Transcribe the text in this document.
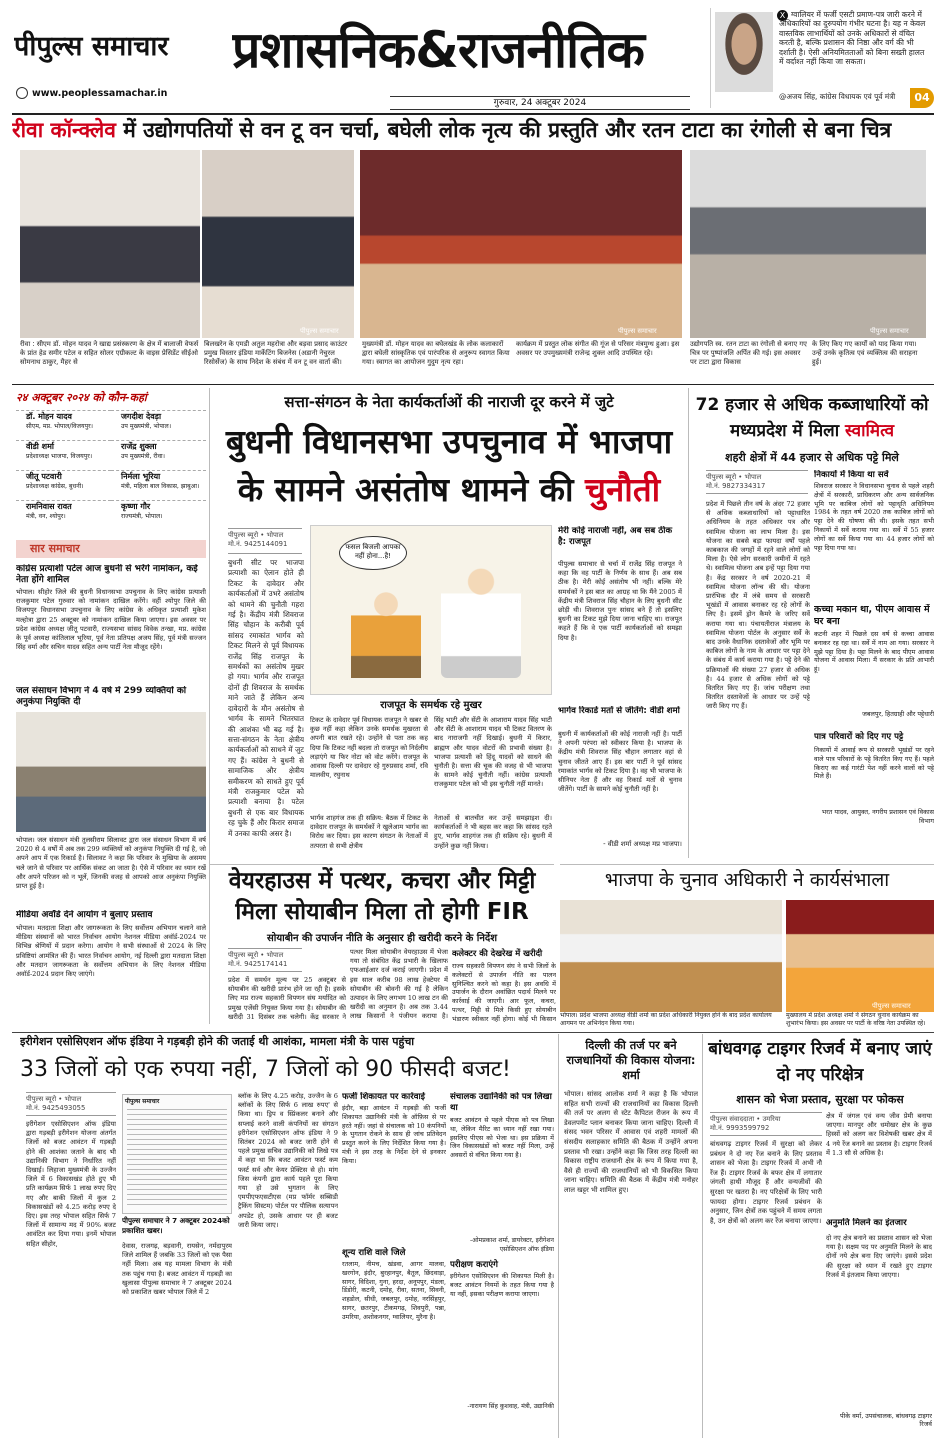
पीपुल्स समाचार	प्रशासनिक&राजनीतिक
www.peoplessamachar.in
गुरुवार, 24 अक्टूबर 2024
X ग्वालियर में फर्जी एसटी प्रमाण-पत्र जारी करने में अधिकारियों का दुरुपयोग गंभीर घटना है। यह न केवल वास्तविक लाभार्थियों को उनके अधिकारों से वंचित करती है, बल्कि प्रशासन की निष्ठा और वर्ग की भी दर्शाती है। ऐसी अनियमितताओं को बिना सख्ती हालत में वर्दाश्त नहीं किया जा सकता।
@अजय सिंह, कांग्रेस विधायक एवं पूर्व मंत्री	04
रीवा कॉन्क्लेव में उद्योगपतियों से वन टू वन चर्चा, बघेली लोक नृत्य की प्रस्तुति और रतन टाटा का रंगोली से बना चित्र
पीपुल्स समाचार	पीपुल्स समाचार	पीपुल्स समाचार
रीवा : सीएम डॉ. मोहन यादव ने खाद्य प्रसंस्करण के क्षेत्र में बालाजी वेफर्स के प्रांत हेड समीर पटेल व सहित सोलर एग्रीकल्ट के वाइस प्रेसिडेंट सीईओ सोमनाथ ठाकुर, मैहर से
बिलखरेन के एमडी अतुल महरोत्रा और बड़वा प्रसाद काउंटर प्रमुख विस्तार इंडिया मार्केटिंग बिजनेस (अडानी नेचुरल रिसोर्सेज) के साथ निदेश के संबंध में वन टू वन वार्ता की।
मुख्यमंत्री डॉ. मोहन यादव का बघेलखंड के लोक कलाकारों द्वारा बघेली सांस्कृतिक एवं पारंपरिक से अनुरूप स्वागत किया गया। स्वागत का आयोजन गुदुम नृत्य रहा।
कार्यक्रम में प्रस्तुत लोक संगीत की गूंज से परिसर मंत्रमुग्ध हुआ। इस अवसर पर उपमुख्यमंत्री राजेन्द्र शुक्ल आदि उपस्थित रहे।
उद्योगपति स्व. रतन टाटा का रंगोली से बनाए गए चित्र पर पुष्पांजलि अर्पित की गई। इस अवसर पर टाटा द्वारा विकास
के लिए किए गए कार्यों को याद किया गया। उन्हें उनके कृतित्व एवं व्यक्तित्व की सराहना हुई।
२४ अक्टूबर २०२४ को कौन-कहां
डॉ. मोहन यादव
सीएम, मप्र. भोपाल/विजयपुर।
जगदीश देवड़ा
उप मुख्यमंत्री, भोपाल।
वीडी शर्मा
प्रदेशाध्यक्ष भाजपा, विजयपुर।
राजेंद्र शुक्ला
उप मुख्यमंत्री, रीवा।
जीतू पटवारी
प्रदेशाध्यक्ष कांग्रेस, बुधनी।
निर्मला भूरिया
मंत्री, महिला बाल विकास, झाबुआ।
रामनिवास रावत
मंत्री, वन, श्योपुर।
कृष्णा गौर
राज्यमंत्री, भोपाल।
सार समाचार
कांग्रेस प्रत्याशी पटेल आज बुधनी से भरेंगे नामांकन, कई नेता होंगे शामिल
भोपाल। सीहोर जिले की बुधनी विधानसभा उपचुनाव के लिए कांग्रेस प्रत्याशी राजकुमार पटेल गुरुवार को नामांकन दाखिल करेंगे। वहीं श्योपुर जिले की विजयपुर विधानसभा उपचुनाव के लिए कांग्रेस के अधिकृत प्रत्याशी मुकेश मल्होत्रा द्वारा 25 अक्टूबर को नामांकन दाखिल किया जाएगा। इस अवसर पर प्रदेश कांग्रेस अध्यक्ष जीतू पटवारी, राज्यसभा सांसद विवेक तन्खा, मप्र. कांग्रेस के पूर्व अध्यक्ष कांतिलाल भूरिया, पूर्व नेता प्रतिपक्ष अजय सिंह, पूर्व मंत्री सज्जन सिंह वर्मा और सचिन यादव सहित अन्य पार्टी नेता मौजूद रहेंगे।
जल संसाधन विभाग ने 4 वर्ष में 299 व्यक्तियों को अनुकंपा नियुक्ति दी
भोपाल। जल संसाधन मंत्री तुलसीराम सिलावट द्वारा जल संसाधन विभाग में वर्ष 2020 से 4 वर्षों में अब तक 299 व्यक्तियों को अनुकंपा नियुक्ति दी गई है, जो अपने आप में एक रिकार्ड है। सिलावट ने कहा कि परिवार के मुखिया के असमय चले जाने से परिवार पर आर्थिक संकट आ जाता है। ऐसे में परिवार का ध्यान रखें और अपने परिजन को न भूलें, जिनकी वजह से आपको आज अनुकंपा नियुक्ति प्राप्त हुई है।
मीडिया अवॉर्ड देने आयोग ने बुलाए प्रस्ताव
भोपाल। मतदाता शिक्षा और जागरूकता के लिए सर्वोत्तम अभियान चलाने वाले मीडिया संस्थानों को भारत निर्वाचन आयोग नेशनल मीडिया अवॉर्ड-2024 पर विभिन्न श्रेणियों में प्रदान करेगा। आयोग ने सभी संस्थाओं से 2024 के लिए प्रविष्टियां आमंत्रित की हैं। भारत निर्वाचन आयोग, नई दिल्ली द्वारा मतदाता शिक्षा और मतदान जागरूकता के सर्वोत्तम अभियान के लिए नेशनल मीडिया अवॉर्ड-2024 प्रदान किए जाएंगे।
सत्ता-संगठन के नेता कार्यकर्ताओं की नाराजी दूर करने में जुटे
बुधनी विधानसभा उपचुनाव में भाजपा के सामने असंतोष थामने की चुनौती
पीपुल्स ब्यूरो • भोपाल
मो.नं. 9425144091
बुधनी सीट पर भाजपा प्रत्याशी का ऐलान होते ही टिकट के दावेदार और कार्यकर्ताओं में उभरे असंतोष को थामने की चुनौती गहरा गई है। केंद्रीय मंत्री शिवराज सिंह चौहान के करीबी पूर्व सांसद रमाकांत भार्गव को टिकट मिलने से पूर्व विधायक राजेंद्र सिंह राजपूत के समर्थकों का असंतोष मुखर हो गया। भार्गव और राजपूत दोनों ही शिवराज के समर्थक माने जाते हैं लेकिन अन्य दावेदारों के मौन असंतोष से भार्गव के सामने भितरघात की आशंका भी बढ़ गई है। सत्ता-संगठन के नेता क्षेत्रीय कार्यकर्ताओं को साधने में जुट गए हैं। कांग्रेस ने बुधनी से सामाजिक और क्षेत्रीय समीकरण को साधते हुए पूर्व मंत्री राजकुमार पटेल को प्रत्याशी बनाया है। पटेल बुधनी से एक बार विधायक रह चुके हैं और किरार समाज में उनका काफी असर है।
फसल बिजली आपका नहीं होना...है!
राजपूत के समर्थक रहे मुखर
टिकट के दावेदार पूर्व विधायक राजपूत ने खबर से कुछ नहीं कहा लेकिन उनके समर्थक मुखरता से अपनी बात रखते रहे। उन्होंने से पता तक कह दिया कि टिकट नहीं बदला तो राजपूत को निर्दलीय लड़ाएंगे या फिर नोटा को वोट करेंगे। राजपूत के आवास दिल्ली पर दावेदार रहे गुरुप्रसाद शर्मा, रवि मालवीय, रघुनाथ
भार्गव शाहगंज तक ही सक्रिय: बैठक में टिकट के दावेदार राजपूत के समर्थकों ने खुलेआम भार्गव का विरोध कर दिया। इस कारण संगठन के नेताओं में तत्परता से सभी क्षेत्रीय
सिंह भाटी और सेंटी के आशाराम यादव सिंह भाटी और सेंटी के आशाराम यादव भी टिकट वितरण के बाद नाराजगी नहीं दिखाई। बुधनी में किरार, ब्राह्मण और यादव वोटरों की प्रभावी संख्या है। भाजपा प्रत्याशी को हिंदू यादवों को साधने की चुनौती है। सत्ता की चूक की वजह से भी भाजपा के सामने कोई चुनौती नहीं। कांग्रेस प्रत्याशी राजकुमार पटेल को भी इस चुनौती नहीं मानते।
नेताओं से बातचीत कर उन्हें समझाइश दी। कार्यकर्ताओं ने भी बहस कर कहा कि सांसद रहते हुए, भार्गव शाहगंज तक ही सक्रिय रहे। बुधनी में उन्होंने कुछ नहीं किया।
मेरी कोई नाराजी नहीं, अब सब ठीक है: राजपूत
पीपुल्स समाचार से चर्चा में राजेंद्र सिंह राजपूत ने कहा कि वह पार्टी के निर्णय के साथ हैं। अब सब ठीक है। मेरी कोई असंतोष भी नहीं। बल्कि मेरे समर्थकों ने इस बात का आग्रह था कि मैंने 2005 में केंद्रीय मंत्री शिवराज सिंह चौहान के लिए बुधनी सीट छोड़ी थी। शिवराज पुनः सांसद बने हैं तो इसलिए बुधनी का टिकट मुझे दिया जाना चाहिए था। राजपूत कहते हैं कि वे एक पार्टी कार्यकर्ताओं को समझा दिया है।
भार्गव रिकार्ड मतों से जीतेंगे: वीडी शर्मा
बुधनी में कार्यकर्ताओं की कोई नाराजी नहीं है। पार्टी ने अपनी परंपरा को स्वीकार किया है। भाजपा के केंद्रीय मंत्री शिवराज सिंह चौहान लगातार वहां से चुनाव जीतते आए हैं। इस बार पार्टी ने पूर्व सांसद रमाकांत भार्गव को टिकट दिया है। वह भी भाजपा के सीनियर नेता हैं और वह रिकार्ड मतों से चुनाव जीतेंगे। पार्टी के सामने कोई चुनौती नहीं है।
- वीडी शर्मा अध्यक्ष मप्र भाजपा।
72 हजार से अधिक कब्जाधारियों को मध्यप्रदेश में मिला स्वामित्व
शहरी क्षेत्रों में 44 हजार से अधिक पट्टे मिले
पीपुल्स ब्यूरो • भोपाल
मो.नं. 9827334317
प्रदेश में पिछले तीन वर्ष के अंदर 72 हजार से अधिक कब्जाधारियों को पट्टाधारित अधिनियम के तहत अधिकार पत्र और स्वामित्व योजना का लाभ मिला है। इस योजना का सबसे बड़ा फायदा वर्षों पहले काबकाज की जगहों में रहने वाले लोगों को मिला है। ऐसे लोग सरकारी जमीनों में रहते थे। स्वामित्व योजना अब इन्हें पट्टा दिया गया है। केंद्र सरकार ने वर्ष 2020-21 में स्वामित्व योजना लॉन्च की थी। योजना प्रारंभिक दौर में लंबे समय से सरकारी भूखंडों में आवास बनाकर रह रहे लोगों के लिए है। इसमें ड्रोन कैमरे के जरिए सर्वे कराया गया था। पंचायतीराज मंत्रालय के स्वामित्व योजना पोर्टल के अनुसार सर्वे के बाद उनके वैधानिक दस्तावेजों और भूमि पर काबिज लोगों के नाम के आधार पर पट्टा देने के संबंध में कार्य कराया गया है। पट्टे देने की प्रक्रियाओं की संख्या 27 हजार से अधिक है। 44 हजार से अधिक लोगों को पट्टे वितरित किए गए हैं। जांच परीक्षण तथा वितरित दस्तावेजों के आधार पर उन्हें पट्टे जारी किए गए हैं।
निकायों में किया था सर्वे
शिवराज सरकार ने विधानसभा चुनाव से पहले शहरी क्षेत्रों में सरकारी, प्राधिकरण और अन्य सार्वजनिक भूमि पर काबिज लोगों को पट्टाधृति अधिनियम 1984 के तहत वर्ष 2020 तक काबिज लोगों को पट्टा देने की घोषणा की थी। इसके तहत सभी निकायों में सर्वे कराया गया था। सर्वे में 55 हजार लोगों का सर्वे किया गया था। 44 हजार लोगों को पट्टा दिया गया था।
कच्चा मकान था, पीएम आवास में घर बना
कटनी शहर में पिछले दस वर्ष से कच्चा आवास बनाकर रह रहा था। सर्वे में नाम आ गया। सरकार ने मुझे पट्टा दिया है। पट्टा मिलने के बाद पीएम आवास योजना में आवास मिला। मैं सरकार के प्रति आभारी हूं।
जबलपुर, हितग्राही और पट्टेधारी
पात्र परिवारों को दिए गए पट्टे
निकायों में आवाई रूप से सरकारी भूखंडों पर रहने वाले पात्र परिवारों के पट्टे वितरित किए गए हैं। पहले किराए का कई गारंटी पेश नहीं करने वालों को पट्टे मिले हैं।
भरत यादव, आयुक्त, नगरीय प्रशासन एवं विकास विभाग
वेयरहाउस में पत्थर, कचरा और मिट्टी
मिला सोयाबीन मिला तो होगी FIR
सोयाबीन की उपार्जन नीति के अनुसार ही खरीदी करने के निर्देश
पीपुल्स ब्यूरो • भोपाल
मो.नं. 9425174141
प्रदेश में समर्थन मूल्य पर 25 अक्टूबर से सोयाबीन की खरीदी प्रारंभ होने जा रही है। इसके लिए मप्र राज्य सहकारी विपणन संघ मर्यादित को प्रमुख एजेंसी नियुक्त किया गया है। सोयाबीन की खरीदी 31 दिसंबर तक चलेगी। केंद्र सरकार ने
पत्थर मिला सोयाबीन वेयरहाउस में भेजा गया तो संबंधित केंद्र प्रभारी के खिलाफ एफआईआर दर्ज कराई जाएगी। प्रदेश में इस साल करीब 98 लाख हेक्टेयर में सोयाबीन की बोवनी की गई है लेकिन उत्पादन के लिए लगभग 10 लाख टन की खरीदी का अनुमान है। अब तक 3.44 लाख किसानों ने पंजीयन कराया है।
कलेक्टर की देखरेख में खरीदी
राज्य सहकारी विपणन संघ ने सभी जिलों के कलेक्टरों से उपार्जन नीति का पालन सुनिश्चित करने को कहा है। इस अवधि में उपार्जन के दौरान अवांछित पदार्थ मिलने पर कार्रवाई की जाएगी। आर फूल, कचरा, पत्थर, मिट्टी से मिले किसी हुए सोयाबीन भंडारण स्वीकार नहीं होगा। कोई भी किसान
भाजपा के चुनाव अधिकारी ने कार्यसंभाला
भोपाल। प्रदेश भाजपा अध्यक्ष वीडी शर्मा का प्रदेश अधिकारी नियुक्त होने के बाद प्रदेश कार्यालय आगमन पर अभिनंदन किया गया।
मुख्यालय में प्रदेश अध्यक्ष शर्मा ने संगठन चुनाव कार्यक्रम का शुभारंभ किया। इस अवसर पर पार्टी के वरिष्ठ नेता उपस्थित रहे।
पीपुल्स समाचार
इरीगेशन एसोसिएशन ऑफ इंडिया ने गड़बड़ी होने की जताई थी आशंका, मामला मंत्री के पास पहुंचा
33 जिलों को एक रुपया नहीं, 7 जिलों को 90 फीसदी बजट!
पीपुल्स ब्यूरो • भोपाल
मो.नं. 9425493055
इरीगेशन एसोसिएशन ऑफ इंडिया द्वारा गड़बड़ी इरीगेशन योजना अंतर्गत जिलों को बजट आवंटन में गड़बड़ी होने की आशंका जताने के बाद भी उद्यानिकी विभाग ने निर्धारित नहीं दिखाई। लिहाजा मुख्यमंत्री के उज्जैन जिले में 6 विकासखंड होते हुए भी प्रति कार्यक्रम सिर्फ 1 लाख रुपए दिए गए और बाकी जिलों में कुल 2 विकासखंडों को 4.25 करोड़ रुपए दे दिए। इस तरह भोपाल सहित सिर्फ 7 जिलों में सामान्य मद में 90% बजट आवंटित कर दिया गया। इनमें भोपाल सहित सीहोर,
पीपुल्स समाचार
पीपुल्स समाचार ने 7 अक्टूबर 2024को प्रकाशित खबर।
देवास, राजगढ़, बड़वानी, रायसेन, नर्मदापुरम जिले शामिल हैं जबकि 33 जिलों को एक पैसा नहीं मिला। अब यह मामला विभाग के मंत्री तक पहुंच गया है। बजट आवंटन में गड़बड़ी का खुलासा पीपुल्स समाचार ने 7 अक्टूबर 2024 को प्रकाशित खबर भोपाल जिले में 2
ब्लॉक के लिए 4.25 करोड़, उज्जैन के 6 ब्लॉकों के लिए सिर्फ 6 लाख रुपए' से किया था। ड्रिप व स्प्रिंकलर बनाने और सप्लाई करने वाली कंपनियों का संगठन इरीगेशन एसोसिएशन ऑफ इंडिया ने 9 सितंबर 2024 को बजट जारी होने से पहले प्रमुख सचिव उद्यानिकी को लिखे पत्र में कहा था कि बजट आवंटन फर्स्ट कम फर्स्ट सर्व और केयर प्रेक्टिस से हो। मांग जिस कंपनी द्वारा कार्य पहले पूरा किया गया हो उसे भुगतान के लिए एमपीएफएसटीएस (मप्र फॉर्मर सब्सिडी ट्रैकिंग सिस्टम) पोर्टल पर पौलिक सत्यापन अपडेट हो, उसके आधार पर ही बजट जारी किया जाए।
फर्जी शिकायत पर कार्रवाई
इंदौर, बड़ा आवंटन में गड़बड़ी की फर्जी शिकायत उद्यानिकी मंत्री के ऑफ़िस से पर हरते नहीं। जहां से संचालक को 10 कंपनियों के भुगतान रोकने के साथ ही जांच प्रतिवेदन प्रस्तुत करने के लिए निर्देशित किया गया है। मंत्री ने इस तरह के निर्देश देने से इनकार किया।
शून्य राशि वाले जिले
रतलाम, नीमच, खंडवा, आगर मालवा, खरगोन, इंदौर, बुरहानपुर, बैतूल, छिंदवाड़ा, सागर, विदिशा, गुना, हरदा, अनूपपुर, मंडला, डिंडोरी, कटनी, दमोह, रीवा, सतना, सिवनी, शहडोल, सीधी, जबलपुर, दमोह, नरसिंहपुर, सागर, छतरपुर, टीकमगढ़, शिवपुरी, पन्ना, उमरिया, अशोकनगर, ग्वालियर, मुरैना है।
संचालक उद्यानिकी को पत्र लिखा था
बजट आवंटन से पहले पीएस को पत्र लिखा था, लेकिन मैरिट का ध्यान नहीं रखा गया। इसलिए पीएस को भेजा था। इस प्रक्रिया में जिन विकासखंडों को बजट नहीं मिला, उन्हें अवसरों से वंचित किया गया है।
-ओमप्रकाश शर्मा, डायरेक्टर, इरीगेशन एसोसिएशन ऑफ इंडिया
परीक्षण कराएंगे
इरीगेशन एसोसिएशन की शिकायत मिली है। बजट आवंटन नियमों के तहत किया गया है या नहीं, इसका परीक्षण कराया जाएगा।
-नारायण सिंह कुशवाह, मंत्री, उद्यानिकी
दिल्ली की तर्ज पर बने राजधानियों की विकास योजना: शर्मा
भोपाल। सांसद आलोक शर्मा ने कहा है कि भोपाल सहित सभी राज्यों की राजधानियों का विकास दिल्ली की तर्ज पर अलग से स्टेट कैपिटल रीजन के रूप में डेवलपमेंट प्लान बनाकर किया जाना चाहिए। दिल्ली में संसद भवन परिसर में आवास एवं शहरी मामलों की संसदीय सलाहकार समिति की बैठक में उन्होंने अपना प्रस्ताव भी रखा। उन्होंने कहा कि जिस तरह दिल्ली का विकास राष्ट्रीय राजधानी क्षेत्र के रूप में किया गया है, वैसे ही राज्यों की राजधानियों को भी विकसित किया जाना चाहिए। समिति की बैठक में केंद्रीय मंत्री मनोहर लाल खट्टर भी शामिल हुए।
बांधवगढ़ टाइगर रिजर्व में बनाए जाएं दो नए परिक्षेत्र
शासन को भेजा प्रस्ताव, सुरक्षा पर फोकस
पीपुल्स संवाददाता • उमरिया
मो.नं. 9993599792
बांधवगढ़ टाइगर रिजर्व में सुरक्षा को लेकर प्रबंधन ने दो नए रेंज बनाने के लिए प्रस्ताव शासन को भेजा है। टाइगर रिजर्व में अभी नौ रेंज हैं। टाइगर रिजर्व के बफर क्षेत्र में लगातार जंगली हाथी मौजूद हैं और वन्यजीवों की सुरक्षा पर खतरा है। नए परिक्षेत्रों के लिए भारी फायदा होगा। टाइगर रिजर्व प्रबंधन के अनुसार, जिन क्षेत्रों तक पहुंचने में समय लगता है, उन क्षेत्रों को अलग कर रेंज बनाया जाएगा।
क्षेत्र में जंगल एवं वन्य जीव प्रेमी बनाया जाएगा। मानपुर और धमोखर क्षेत्र के कुछ हिस्सों को अलग कर विशेषकी खबर क्षेत्र में 4 नये रेंज बनाने का प्रस्ताव है। टाइगर रिजर्व में 1.3 सौ से अधिक है।
अनुमति मिलने का इंतजार
दो नए क्षेत्र बनाने का प्रस्ताव शासन को भेजा गया है। सक्षम पद पर अनुमति मिलने के बाद दोनों नये क्षेत्र बना दिए जाएंगे। इससे प्रदेश की सुरक्षा को ध्यान में रखते हुए टाइगर रिजर्व में इंतजाम किया जाएगा।
पीके वर्मा, उपसंचालक, बांधवगढ़ टाइगर रिजर्व
